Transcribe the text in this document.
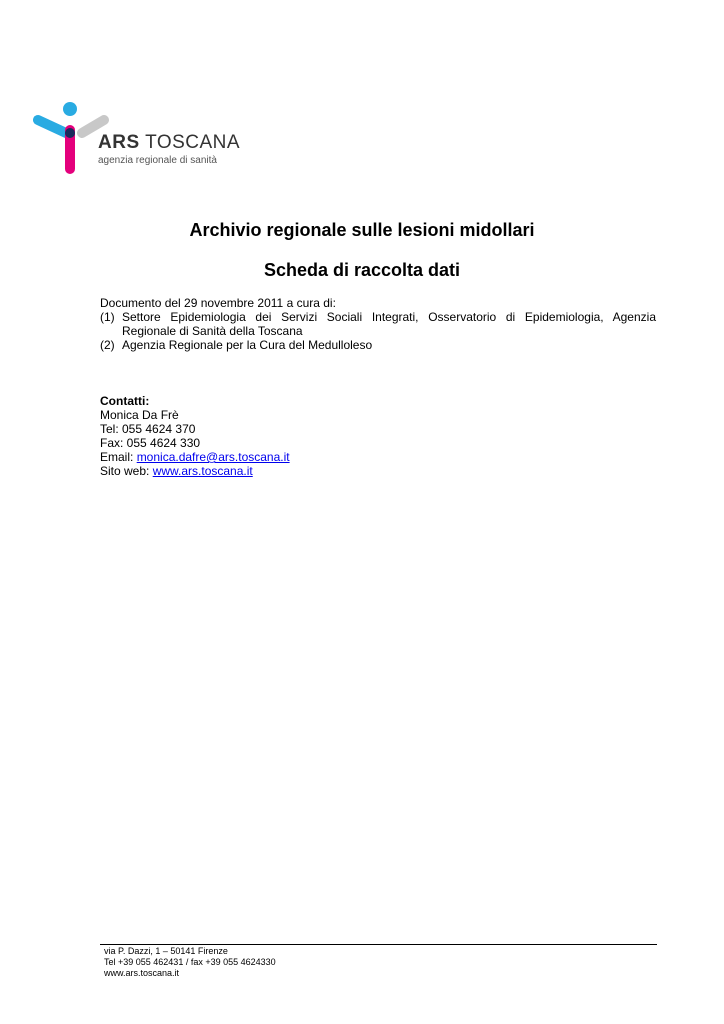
ARS TOSCANA
agenzia regionale di sanità
Archivio regionale sulle lesioni midollari
Scheda di raccolta dati
Documento del 29 novembre 2011 a cura di:
(1) Settore Epidemiologia dei Servizi Sociali Integrati, Osservatorio di Epidemiologia, Agenzia Regionale di Sanità della Toscana
(2) Agenzia Regionale per la Cura del Medulloleso
Contatti:
Monica Da Frè
Tel: 055 4624 370
Fax: 055 4624 330
Email: monica.dafre@ars.toscana.it
Sito web: www.ars.toscana.it
via P. Dazzi, 1 – 50141 Firenze
Tel +39 055 462431 / fax +39 055 4624330
www.ars.toscana.it
